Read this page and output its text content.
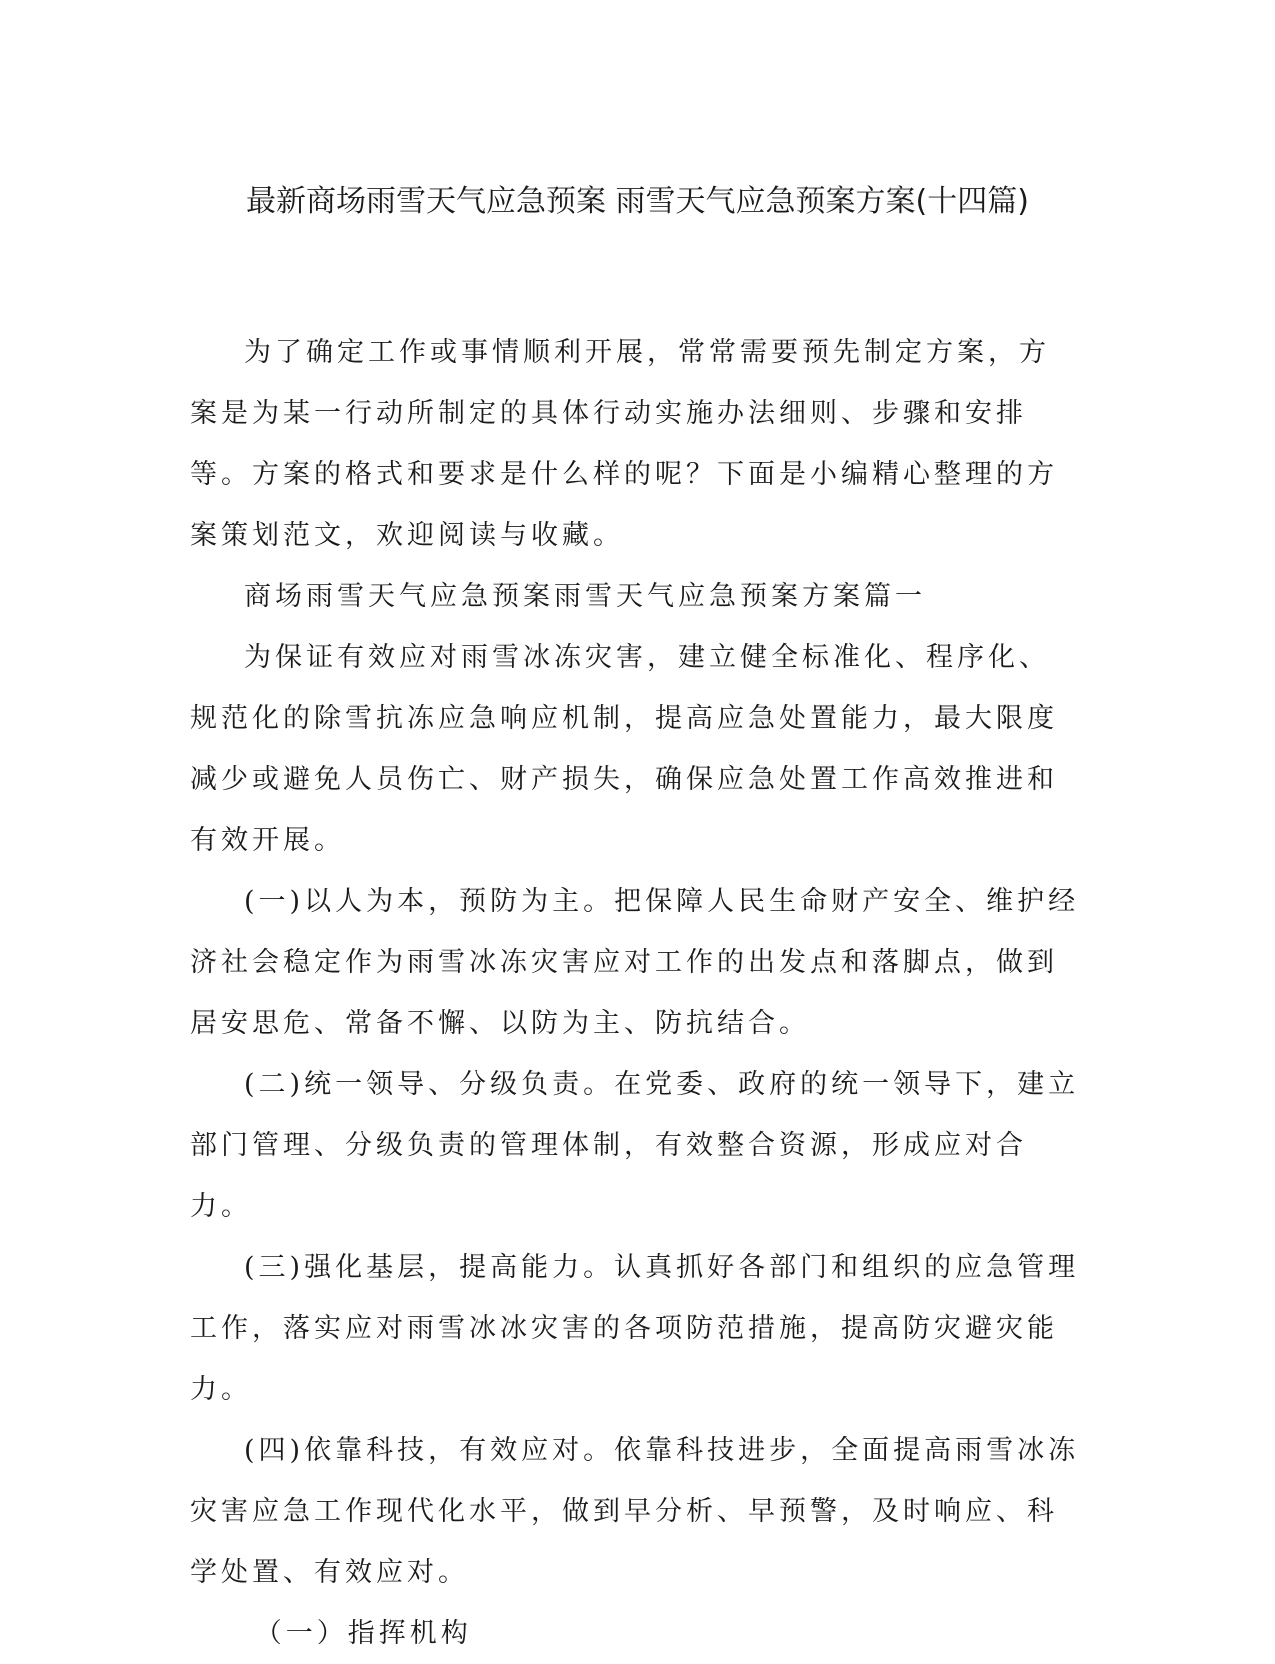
最新商场雨雪天气应急预案 雨雪天气应急预案方案(十四篇)

为了确定工作或事情顺利开展，常常需要预先制定方案，方案是为某一行动所制定的具体行动实施办法细则、步骤和安排等。方案的格式和要求是什么样的呢？下面是小编精心整理的方案策划范文，欢迎阅读与收藏。

商场雨雪天气应急预案雨雪天气应急预案方案篇一

为保证有效应对雨雪冰冻灾害，建立健全标准化、程序化、规范化的除雪抗冻应急响应机制，提高应急处置能力，最大限度减少或避免人员伤亡、财产损失，确保应急处置工作高效推进和有效开展。

(一)以人为本，预防为主。把保障人民生命财产安全、维护经济社会稳定作为雨雪冰冻灾害应对工作的出发点和落脚点，做到居安思危、常备不懈、以防为主、防抗结合。

(二)统一领导、分级负责。在党委、政府的统一领导下，建立部门管理、分级负责的管理体制，有效整合资源，形成应对合力。

(三)强化基层，提高能力。认真抓好各部门和组织的应急管理工作，落实应对雨雪冰冰灾害的各项防范措施，提高防灾避灾能力。

(四)依靠科技，有效应对。依靠科技进步，全面提高雨雪冰冻灾害应急工作现代化水平，做到早分析、早预警，及时响应、科学处置、有效应对。

（一）指挥机构
